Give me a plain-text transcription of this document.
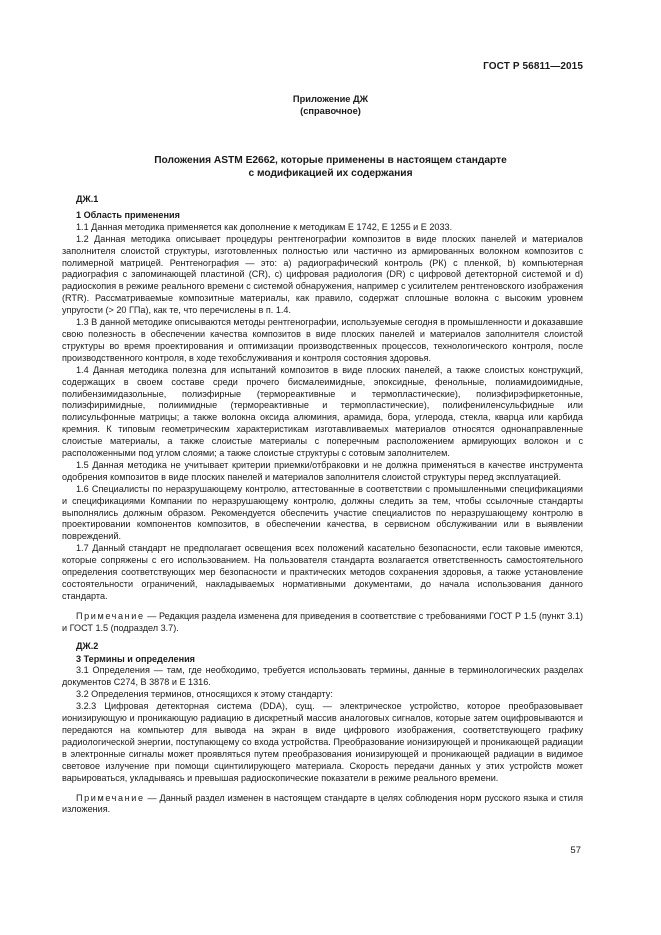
ГОСТ Р 56811—2015
Приложение ДЖ
(справочное)
Положения ASTM E2662, которые применены в настоящем стандарте
с модификацией их содержания
ДЖ.1
1 Область применения

1.1 Данная методика применяется как дополнение к методикам E 1742, E 1255 и E 2033.

1.2 Данная методика описывает процедуры рентгенографии композитов в виде плоских панелей и материалов заполнителя слоистой структуры, изготовленных полностью или частично из армированных волокном композитов с полимерной матрицей. Рентгенография — это: a) радиографический контроль (РК) с пленкой, b) компьютерная радиография с запоминающей пластиной (CR), c) цифровая радиология (DR) с цифровой детекторной системой и d) радиоскопия в режиме реального времени с системой обнаружения, например с усилителем рентгеновского изображения (RTR). Рассматриваемые композитные материалы, как правило, содержат сплошные волокна с высоким уровнем упругости (> 20 ГПа), как те, что перечислены в п. 1.4.

1.3 В данной методике описываются методы рентгенографии, используемые сегодня в промышленности и доказавшие свою полезность в обеспечении качества композитов в виде плоских панелей и материалов заполнителя слоистой структуры во время проектирования и оптимизации производственных процессов, технологического контроля, после производственного контроля, в ходе техобслуживания и контроля состояния здоровья.

1.4 Данная методика полезна для испытаний композитов в виде плоских панелей, а также слоистых конструкций, содержащих в своем составе среди прочего бисмалеимидные, эпоксидные, фенольные, полиамидоимидные, полибензимидазольные, полиэфирные (термореактивные и термопластические), полиэфирэфиркетонные, полиэфиримидные, полиимидные (термореактивные и термопластические), полифениленсульфидные или полисульфонные матрицы; а также волокна оксида алюминия, арамида, бора, углерода, стекла, кварца или карбида кремния. К типовым геометрическим характеристикам изготавливаемых материалов относятся однонаправленные слоистые материалы, а также слоистые материалы с поперечным расположением армирующих волокон и с расположенными под углом слоями; а также слоистые структуры с сотовым заполнителем.

1.5 Данная методика не учитывает критерии приемки/отбраковки и не должна применяться в качестве инструмента одобрения композитов в виде плоских панелей и материалов заполнителя слоистой структуры перед эксплуатацией.

1.6 Специалисты по неразрушающему контролю, аттестованные в соответствии с промышленными спецификациями и спецификациями Компании по неразрушающему контролю, должны следить за тем, чтобы ссылочные стандарты выполнялись должным образом. Рекомендуется обеспечить участие специалистов по неразрушающему контролю в проектировании компонентов композитов, в обеспечении качества, в сервисном обслуживании или в выявлении повреждений.

1.7 Данный стандарт не предполагает освещения всех положений касательно безопасности, если таковые имеются, которые сопряжены с его использованием. На пользователя стандарта возлагается ответственность самостоятельного определения соответствующих мер безопасности и практических методов сохранения здоровья, а также установление состоятельности ограничений, накладываемых нормативными документами, до начала использования данного стандарта.

Примечание — Редакция раздела изменена для приведения в соответствие с требованиями ГОСТ Р 1.5 (пункт 3.1) и ГОСТ 1.5 (подраздел 3.7).

ДЖ.2
3 Термины и определения

3.1 Определения — там, где необходимо, требуется использовать термины, данные в терминологических разделах документов C274, В 3878 и E 1316.

3.2 Определения терминов, относящихся к этому стандарту:

3.2.3 Цифровая детекторная система (DDA), сущ. — электрическое устройство, которое преобразовывает ионизирующую и проникающую радиацию в дискретный массив аналоговых сигналов, которые затем оцифровываются и передаются на компьютер для вывода на экран в виде цифрового изображения, соответствующего графику радиологической энергии, поступающему со входа устройства. Преобразование ионизирующей и проникающей радиации в электронные сигналы может проявляться путем преобразования ионизирующей и проникающей радиации в видимое световое излучение при помощи сцинтилирующего материала. Скорость передачи данных у этих устройств может варьироваться, укладываясь и превышая радиоскопические показатели в режиме реального времени.

Примечание — Данный раздел изменен в настоящем стандарте в целях соблюдения норм русского языка и стиля изложения.

57
